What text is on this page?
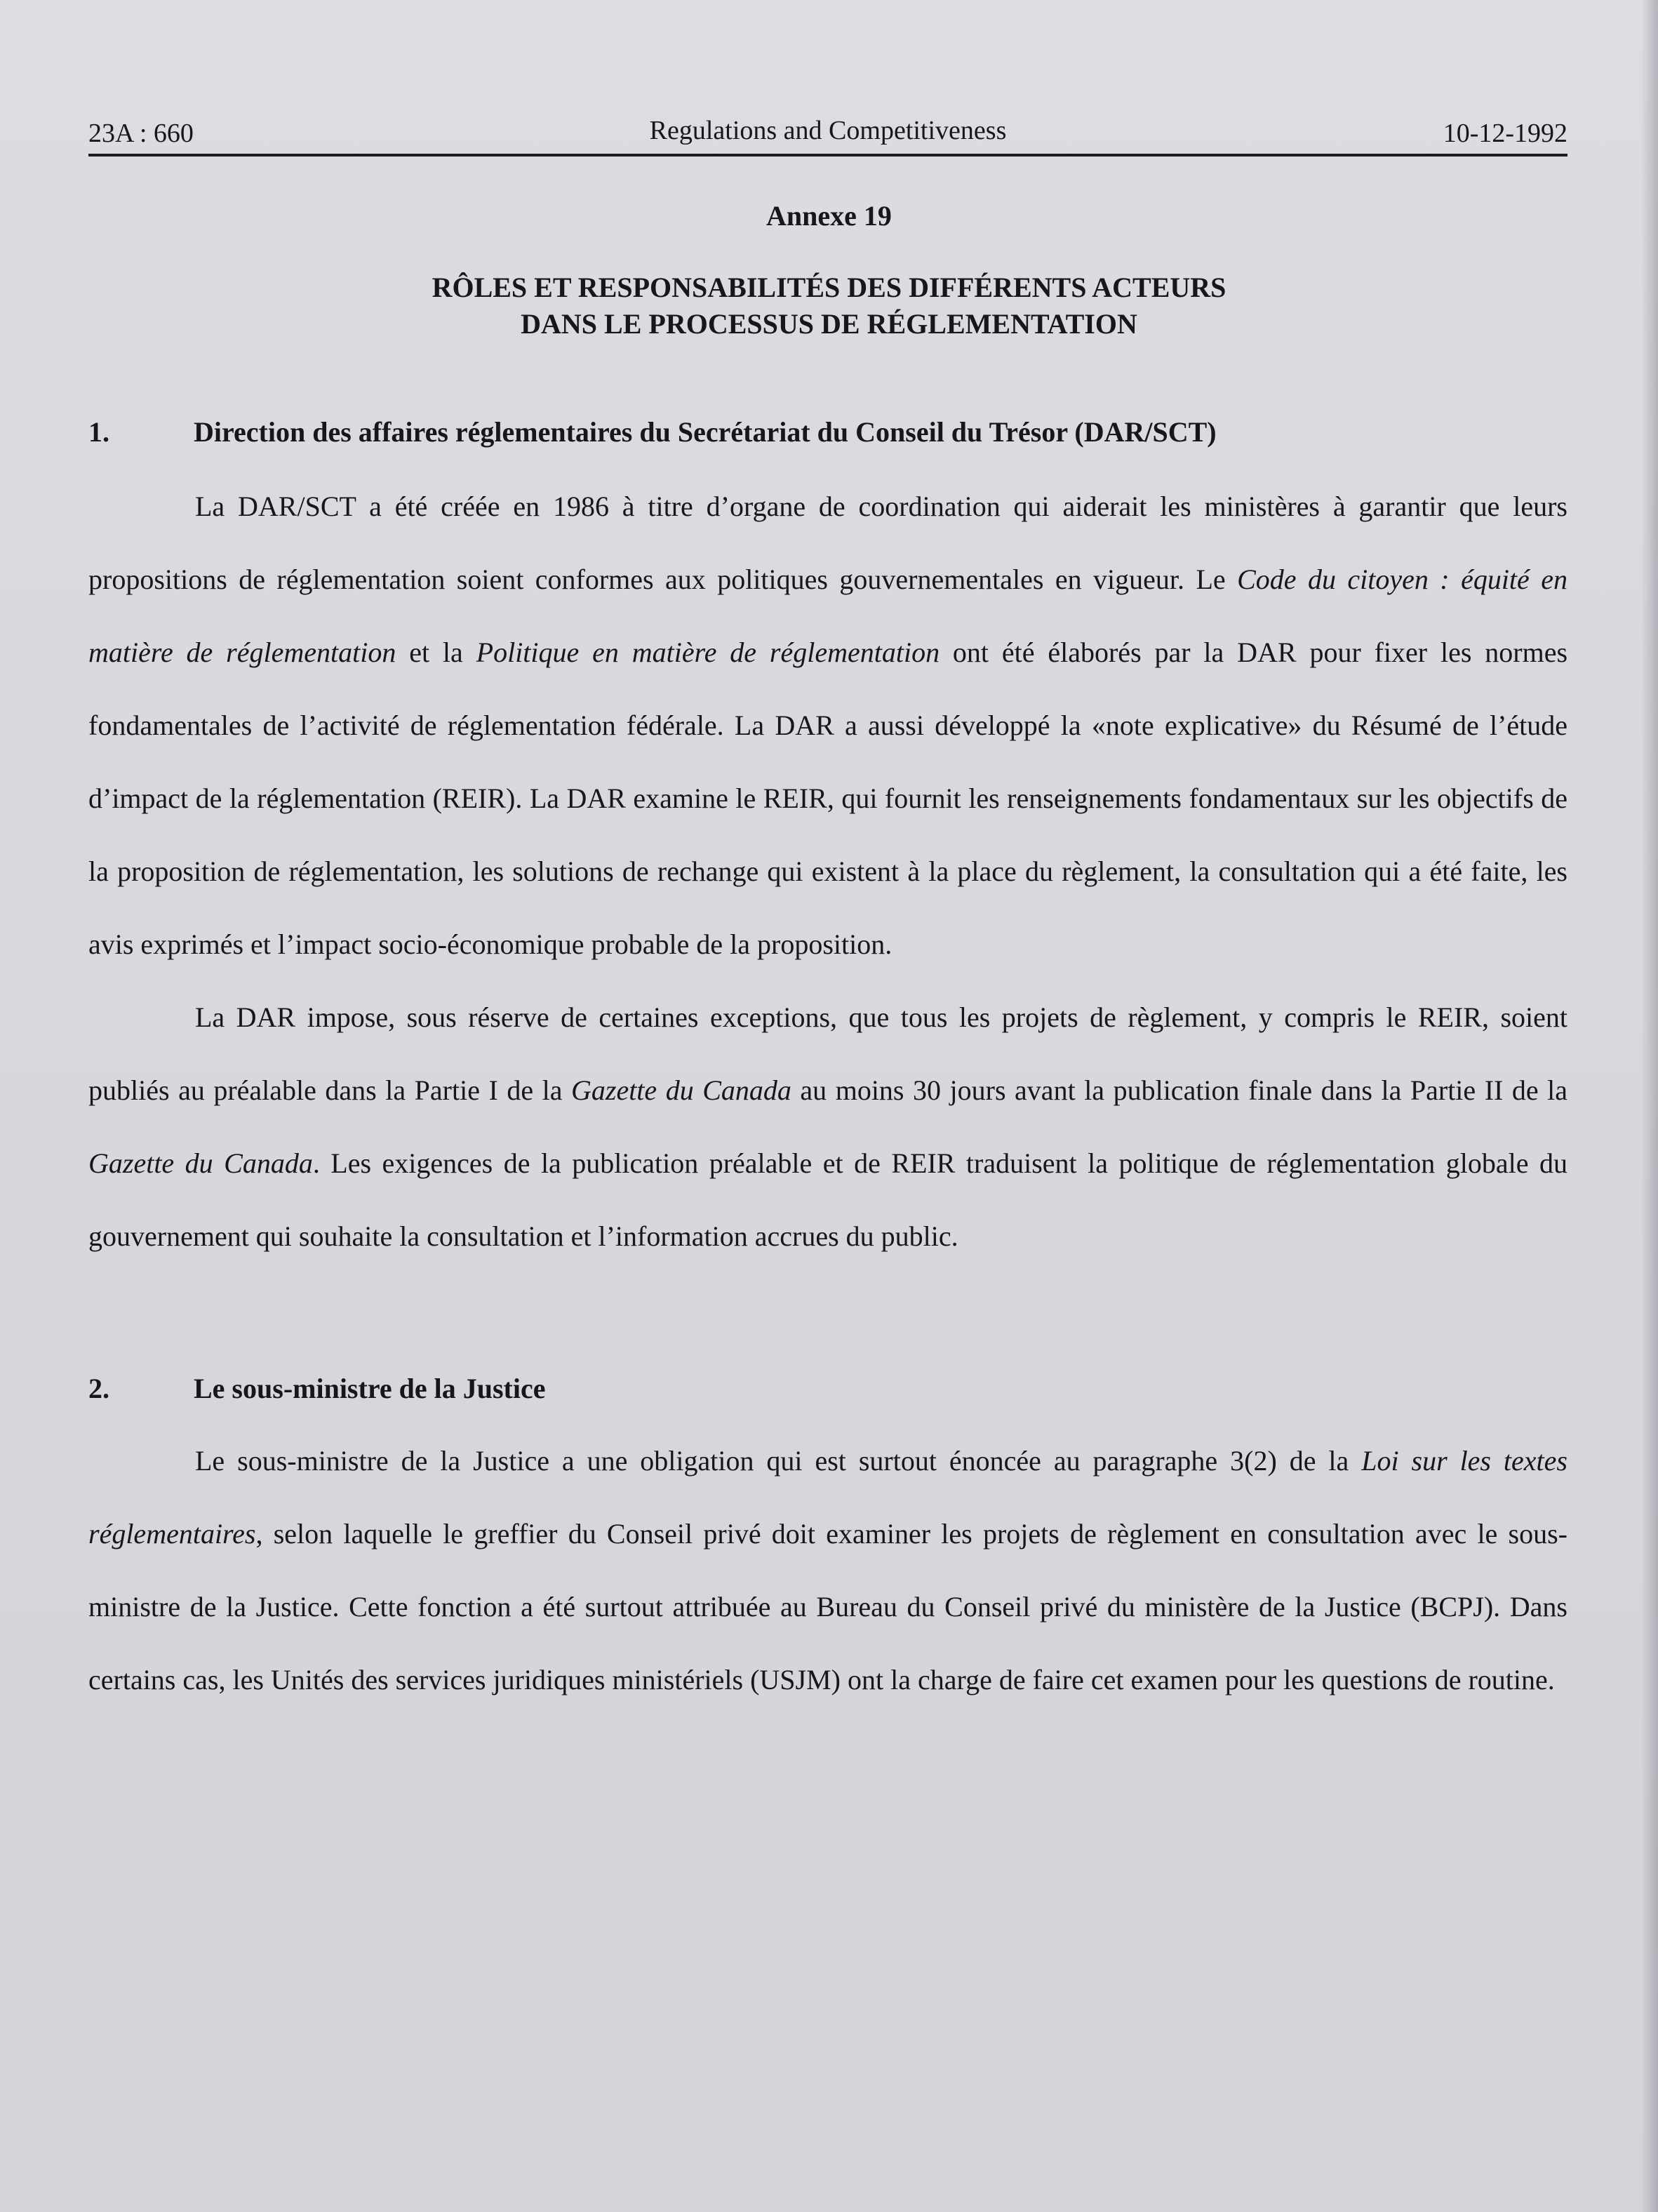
23A : 660	Regulations and Competitiveness	10-12-1992
Annexe 19
RÔLES ET RESPONSABILITÉS DES DIFFÉRENTS ACTEURS
DANS LE PROCESSUS DE RÉGLEMENTATION
1.	Direction des affaires réglementaires du Secrétariat du Conseil du Trésor (DAR/SCT)

La DAR/SCT a été créée en 1986 à titre d’organe de coordination qui aiderait les ministères à garantir que leurs propositions de réglementation soient conformes aux politiques gouvernementales en vigueur. Le Code du citoyen : équité en matière de réglementation et la Politique en matière de réglementation ont été élaborés par la DAR pour fixer les normes fondamentales de l’activité de réglementation fédérale. La DAR a aussi développé la «note explicative» du Résumé de l’étude d’impact de la réglementation (REIR). La DAR examine le REIR, qui fournit les renseignements fondamentaux sur les objectifs de la proposition de réglementation, les solutions de rechange qui existent à la place du règlement, la consultation qui a été faite, les avis exprimés et l’impact socio-économique probable de la proposition.

La DAR impose, sous réserve de certaines exceptions, que tous les projets de règlement, y compris le REIR, soient publiés au préalable dans la Partie I de la Gazette du Canada au moins 30 jours avant la publication finale dans la Partie II de la Gazette du Canada. Les exigences de la publication préalable et de REIR traduisent la politique de réglementation globale du gouvernement qui souhaite la consultation et l’information accrues du public.

2.	Le sous-ministre de la Justice

Le sous-ministre de la Justice a une obligation qui est surtout énoncée au paragraphe 3(2) de la Loi sur les textes réglementaires, selon laquelle le greffier du Conseil privé doit examiner les projets de règlement en consultation avec le sous-ministre de la Justice. Cette fonction a été surtout attribuée au Bureau du Conseil privé du ministère de la Justice (BCPJ). Dans certains cas, les Unités des services juridiques ministériels (USJM) ont la charge de faire cet examen pour les questions de routine.
